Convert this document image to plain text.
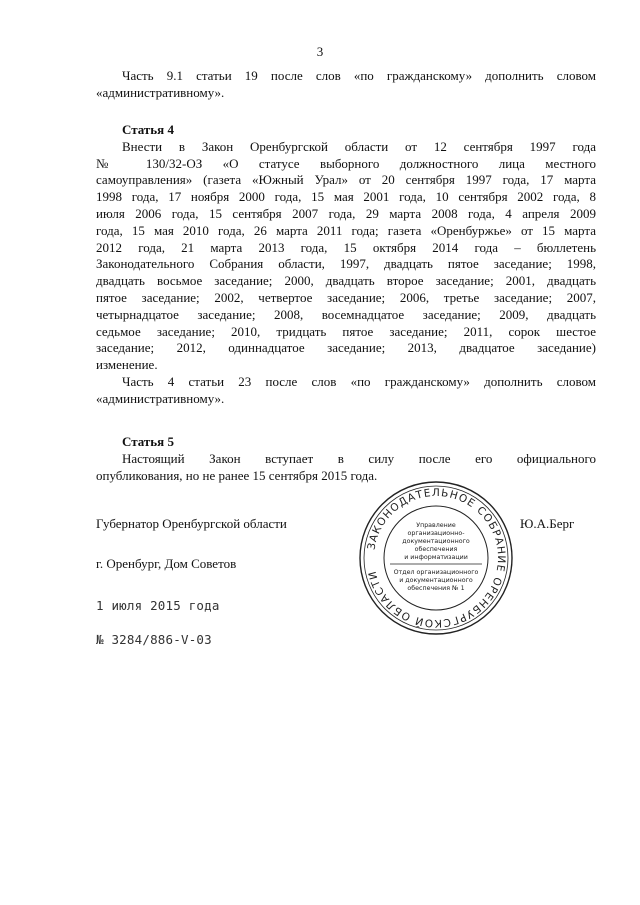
3
Часть 9.1 статьи 19 после слов «по гражданскому» дополнить словом
«административному».
Статья 4
Внести в Закон Оренбургской области от 12 сентября 1997 года
№ 130/32-ОЗ «О статусе выборного должностного лица местного
самоуправления» (газета «Южный Урал» от 20 сентября 1997 года, 17 марта
1998 года, 17 ноября 2000 года, 15 мая 2001 года, 10 сентября 2002 года, 8
июля 2006 года, 15 сентября 2007 года, 29 марта 2008 года, 4 апреля 2009
года, 15 мая 2010 года, 26 марта 2011 года; газета «Оренбуржье» от 15 марта
2012 года, 21 марта 2013 года, 15 октября 2014 года – бюллетень
Законодательного Собрания области, 1997, двадцать пятое заседание; 1998,
двадцать восьмое заседание; 2000, двадцать второе заседание; 2001, двадцать
пятое заседание; 2002, четвертое заседание; 2006, третье заседание; 2007,
четырнадцатое заседание; 2008, восемнадцатое заседание; 2009, двадцать
седьмое заседание; 2010, тридцать пятое заседание; 2011, сорок шестое
заседание; 2012, одиннадцатое заседание; 2013, двадцатое заседание)
изменение.
Часть 4 статьи 23 после слов «по гражданскому» дополнить словом
«административному».
Статья 5
Настоящий Закон вступает в силу после его официального
опубликования, но не ранее 15 сентября 2015 года.
Губернатор Оренбургской области
г. Оренбург, Дом Советов
Ю.А.Берг
ЗАКОНОДАТЕЛЬНОЕ СОБРАНИЕ ОРЕНБУРГСКОЙ ОБЛАСТИ
Управление
организационно-
документационного
обеспечения
и информатизации
Отдел организационного
и документационного
обеспечения № 1
1 июля 2015 года
№ 3284/886-V-03
